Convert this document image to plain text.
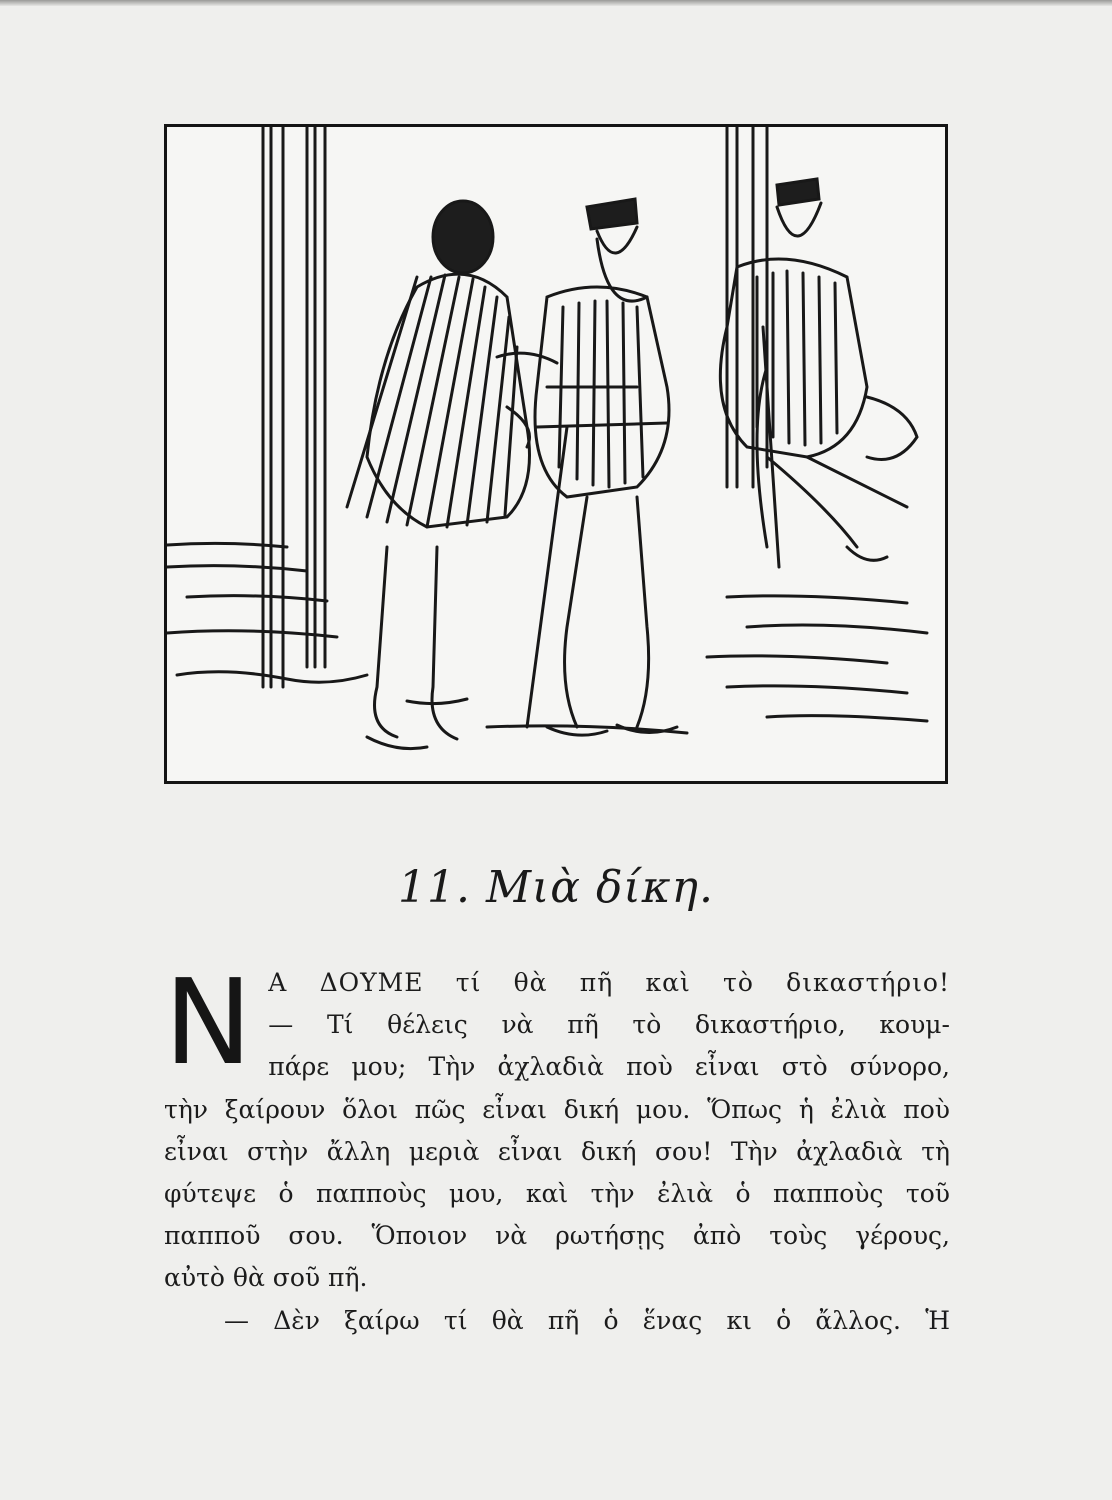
11. Μιὰ δίκη.
Ν Α ΔΟΥΜΕ τί θὰ πῆ καὶ τὸ δικαστήριο!
— Τί θέλεις νὰ πῆ τὸ δικαστήριο, κουμ-
πάρε μου; Τὴν ἀχλαδιὰ ποὺ εἶναι στὸ σύνορο,
τὴν ξαίρουν ὅλοι πῶς εἶναι δική μου. Ὅπως ἡ ἐλιὰ ποὺ
εἶναι στὴν ἄλλη μεριὰ εἶναι δική σου! Τὴν ἀχλαδιὰ τὴ
φύτεψε ὁ παπποὺς μου, καὶ τὴν ἐλιὰ ὁ παπποὺς τοῦ
παπποῦ σου. Ὅποιον νὰ ρωτήσῃς ἀπὸ τοὺς γέρους,
αὐτὸ θὰ σοῦ πῆ.
— Δὲν ξαίρω τί θὰ πῆ ὁ ἕνας κι ὁ ἄλλος. Ἡ
